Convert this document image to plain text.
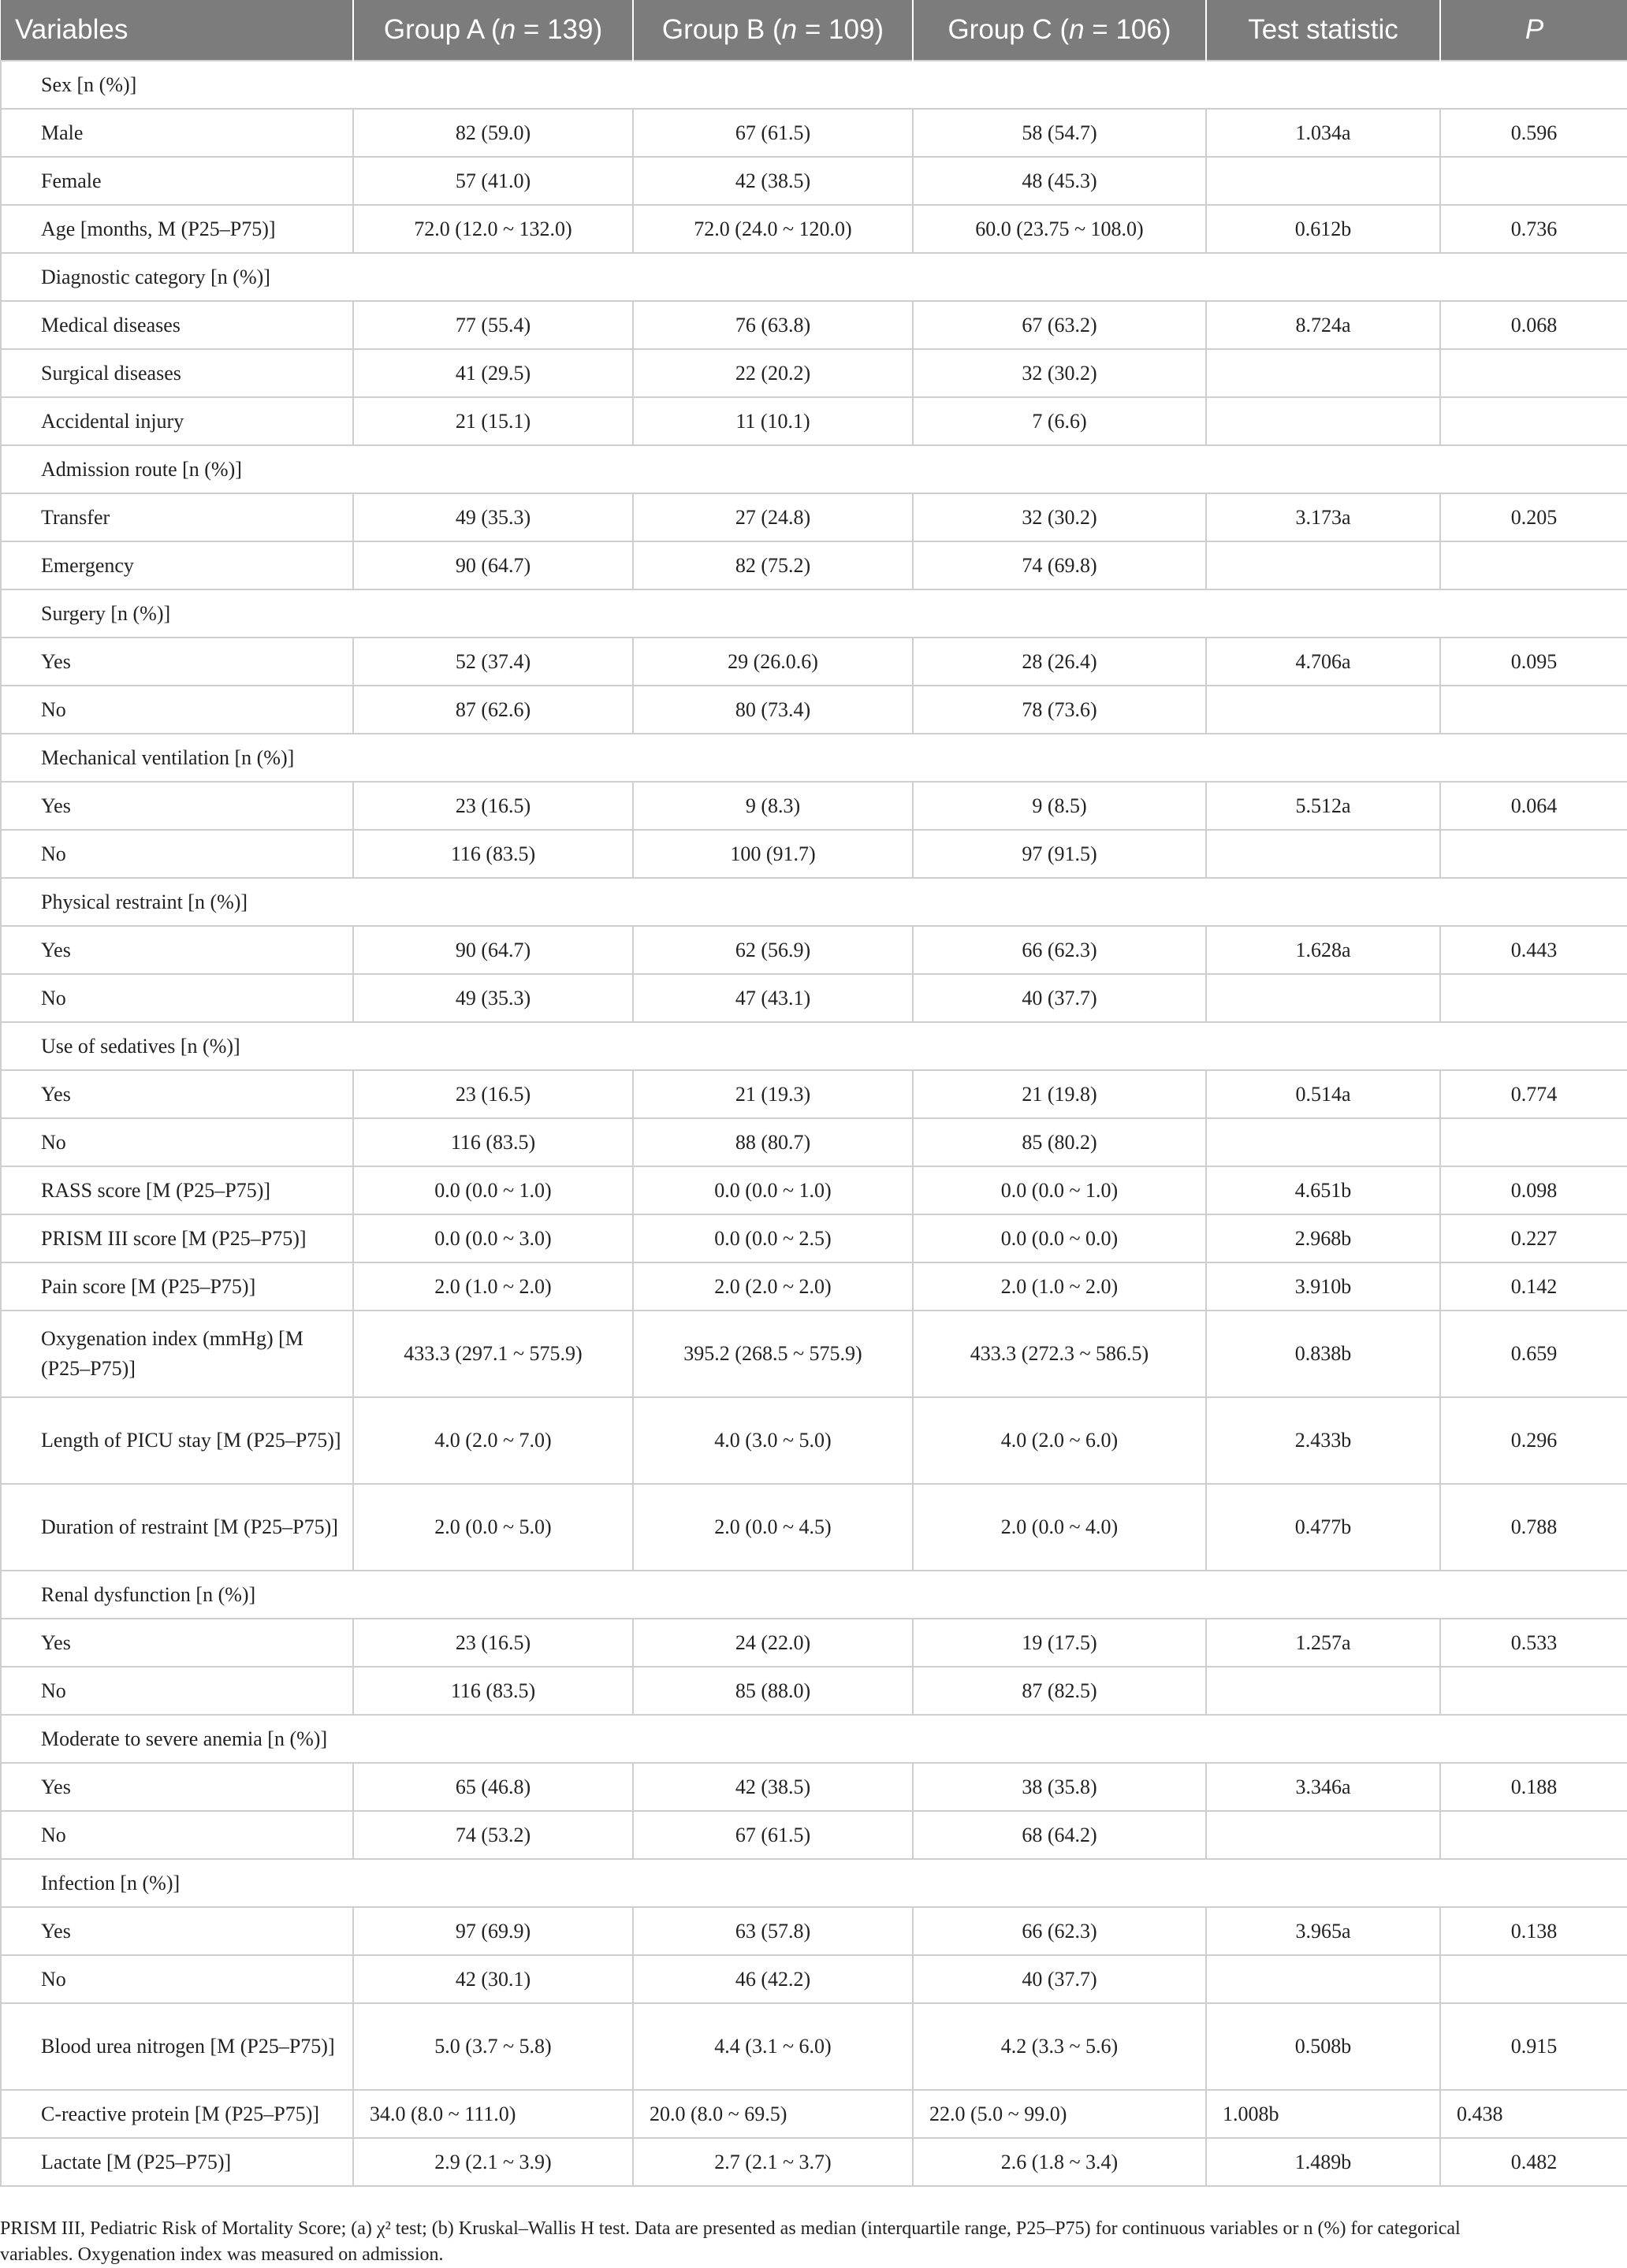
Variables	Group A (n = 139)	Group B (n = 109)	Group C (n = 106)	Test statistic	P
Sex [n (%)]					
Male	82 (59.0)	67 (61.5)	58 (54.7)	1.034a	0.596
Female	57 (41.0)	42 (38.5)	48 (45.3)		
Age [months, M (P25–P75)]	72.0 (12.0 ~ 132.0)	72.0 (24.0 ~ 120.0)	60.0 (23.75 ~ 108.0)	0.612b	0.736
Diagnostic category [n (%)]					
Medical diseases	77 (55.4)	76 (63.8)	67 (63.2)	8.724a	0.068
Surgical diseases	41 (29.5)	22 (20.2)	32 (30.2)		
Accidental injury	21 (15.1)	11 (10.1)	7 (6.6)		
Admission route [n (%)]					
Transfer	49 (35.3)	27 (24.8)	32 (30.2)	3.173a	0.205
Emergency	90 (64.7)	82 (75.2)	74 (69.8)		
Surgery [n (%)]					
Yes	52 (37.4)	29 (26.0.6)	28 (26.4)	4.706a	0.095
No	87 (62.6)	80 (73.4)	78 (73.6)		
Mechanical ventilation [n (%)]					
Yes	23 (16.5)	9 (8.3)	9 (8.5)	5.512a	0.064
No	116 (83.5)	100 (91.7)	97 (91.5)		
Physical restraint [n (%)]					
Yes	90 (64.7)	62 (56.9)	66 (62.3)	1.628a	0.443
No	49 (35.3)	47 (43.1)	40 (37.7)		
Use of sedatives [n (%)]					
Yes	23 (16.5)	21 (19.3)	21 (19.8)	0.514a	0.774
No	116 (83.5)	88 (80.7)	85 (80.2)		
RASS score [M (P25–P75)]	0.0 (0.0 ~ 1.0)	0.0 (0.0 ~ 1.0)	0.0 (0.0 ~ 1.0)	4.651b	0.098
PRISM III score [M (P25–P75)]	0.0 (0.0 ~ 3.0)	0.0 (0.0 ~ 2.5)	0.0 (0.0 ~ 0.0)	2.968b	0.227
Pain score [M (P25–P75)]	2.0 (1.0 ~ 2.0)	2.0 (2.0 ~ 2.0)	2.0 (1.0 ~ 2.0)	3.910b	0.142
Oxygenation index (mmHg) [M (P25–P75)]	433.3 (297.1 ~ 575.9)	395.2 (268.5 ~ 575.9)	433.3 (272.3 ~ 586.5)	0.838b	0.659
Length of PICU stay [M (P25–P75)]	4.0 (2.0 ~ 7.0)	4.0 (3.0 ~ 5.0)	4.0 (2.0 ~ 6.0)	2.433b	0.296
Duration of restraint [M (P25–P75)]	2.0 (0.0 ~ 5.0)	2.0 (0.0 ~ 4.5)	2.0 (0.0 ~ 4.0)	0.477b	0.788
Renal dysfunction [n (%)]					
Yes	23 (16.5)	24 (22.0)	19 (17.5)	1.257a	0.533
No	116 (83.5)	85 (88.0)	87 (82.5)		
Moderate to severe anemia [n (%)]					
Yes	65 (46.8)	42 (38.5)	38 (35.8)	3.346a	0.188
No	74 (53.2)	67 (61.5)	68 (64.2)		
Infection [n (%)]					
Yes	97 (69.9)	63 (57.8)	66 (62.3)	3.965a	0.138
No	42 (30.1)	46 (42.2)	40 (37.7)		
Blood urea nitrogen [M (P25–P75)]	5.0 (3.7 ~ 5.8)	4.4 (3.1 ~ 6.0)	4.2 (3.3 ~ 5.6)	0.508b	0.915
C-reactive protein [M (P25–P75)]	34.0 (8.0 ~ 111.0)	20.0 (8.0 ~ 69.5)	22.0 (5.0 ~ 99.0)	1.008b	0.438
Lactate [M (P25–P75)]	2.9 (2.1 ~ 3.9)	2.7 (2.1 ~ 3.7)	2.6 (1.8 ~ 3.4)	1.489b	0.482

PRISM III, Pediatric Risk of Mortality Score; (a) χ² test; (b) Kruskal–Wallis H test. Data are presented as median (interquartile range, P25–P75) for continuous variables or n (%) for categorical

variables. Oxygenation index was measured on admission.
